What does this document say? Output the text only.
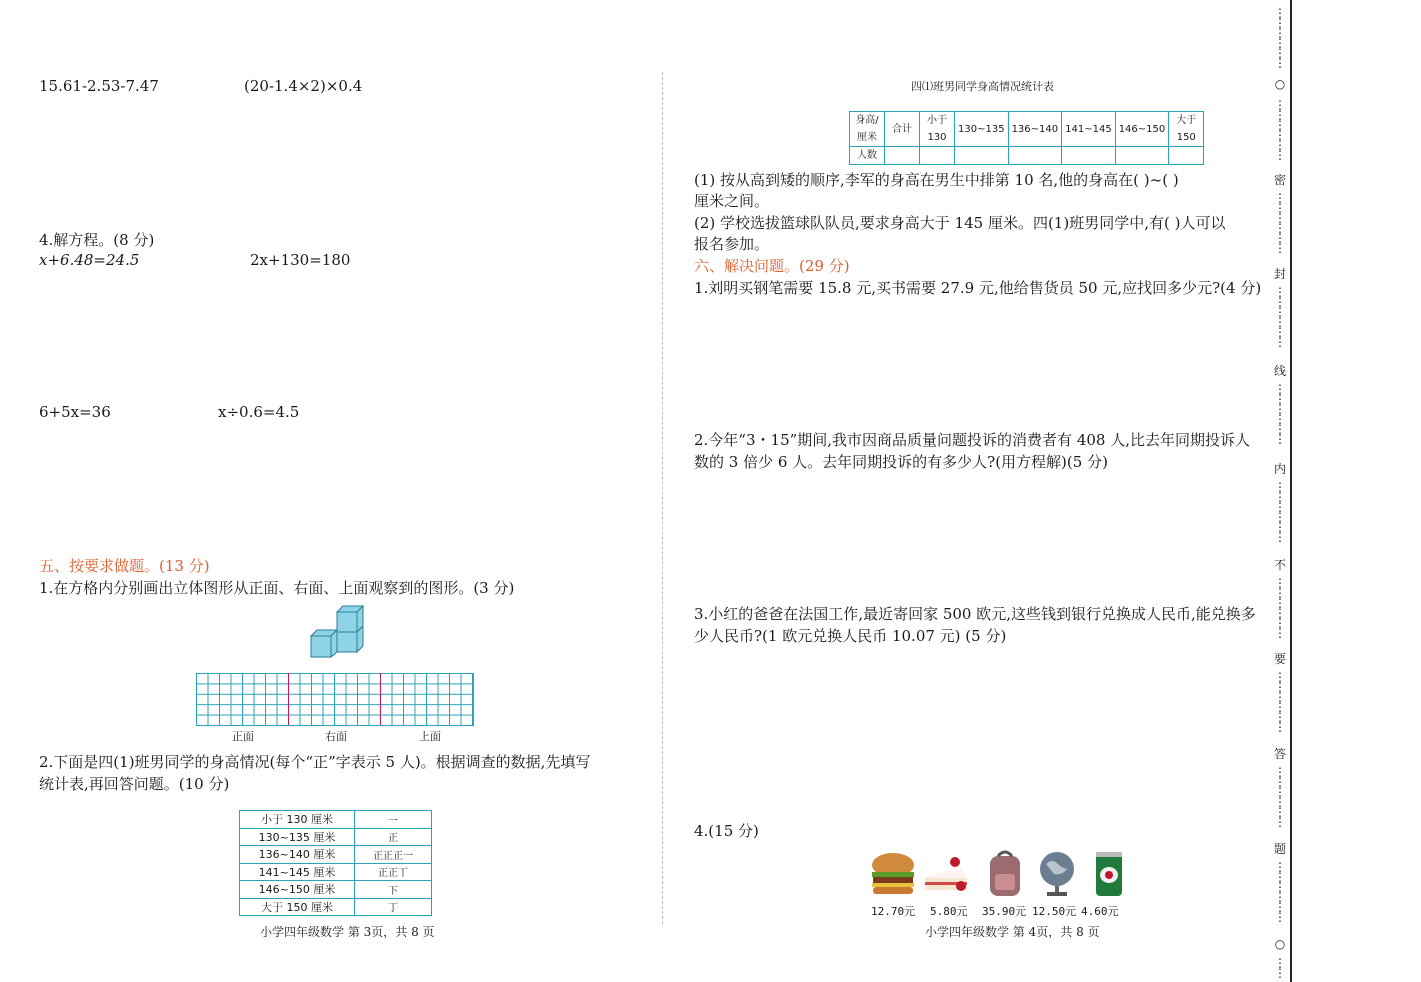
15.61-2.53-7.47	(20-1.4×2)×0.4
4.解方程。(8 分)
x+6.48=24.5	2x+130=180
6+5x=36	x÷0.6=4.5
五、按要求做题。(13 分)
1.在方格内分别画出立体图形从正面、右面、上面观察到的图形。(3 分)
正面	右面	上面
2.下面是四(1)班男同学的身高情况(每个“正”字表示 5 人)。根据调查的数据,先填写
统计表,再回答问题。(10 分)
小于 130 厘米	一
130~135 厘米	正
136~140 厘米	正正正一
141~145 厘米	正正丅
146~150 厘米	下
大于 150 厘米	丁
小学四年级数学 第 3页，共 8 页
四⑴班男同学身高情况统计表
身高/厘米	合计	小于130	130~135	136~140	141~145	146~150	大于150
人数							
(1) 按从高到矮的顺序,李军的身高在男生中排第 10 名,他的身高在( )~( )
厘米之间。
(2) 学校选拔篮球队队员,要求身高大于 145 厘米。四(1)班男同学中,有( )人可以
报名参加。
六、解决问题。(29 分)
1.刘明买钢笔需要 15.8 元,买书需要 27.9 元,他给售货员 50 元,应找回多少元?(4 分)
2.今年“3・15”期间,我市因商品质量问题投诉的消费者有 408 人,比去年同期投诉人
数的 3 倍少 6 人。去年同期投诉的有多少人?(用方程解)(5 分)
3.小红的爸爸在法国工作,最近寄回家 500 欧元,这些钱到银行兑换成人民币,能兑换多
少人民币?(1 欧元兑换人民币 10.07 元) (5 分)
4.(15 分)
12.70元 5.80元 35.90元 12.50元 4.60元
小学四年级数学 第 4页，共 8 页
⋮
⋮
⋮
⋮
⋮
⋮
○
⋮
⋮
⋮
⋮
⋮
⋮
密
⋮
⋮
⋮
⋮
⋮
⋮
封
⋮
⋮
⋮
⋮
⋮
⋮
线
⋮
⋮
⋮
⋮
⋮
⋮
内
⋮
⋮
⋮
⋮
⋮
⋮
不
⋮
⋮
⋮
⋮
⋮
⋮
要
⋮
⋮
⋮
⋮
⋮
⋮
答
⋮
⋮
⋮
⋮
⋮
⋮
题
⋮
⋮
⋮
⋮
⋮
⋮
○
⋮
⋮
